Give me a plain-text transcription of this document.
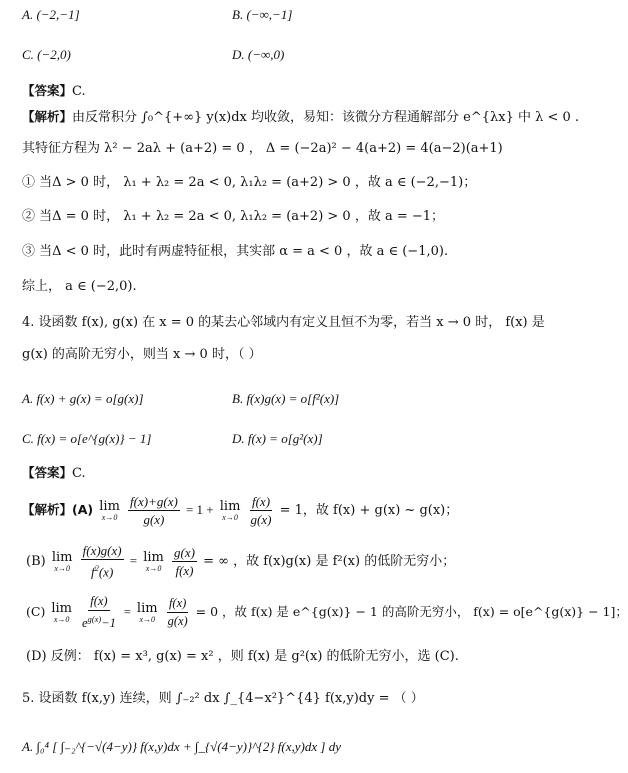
A. (−2,−1]	B. (−∞,−1]
C. (−2,0)	D. (−∞,0)
【答案】C.
【解析】由反常积分 ∫₀^{+∞} y(x)dx 均收敛，易知：该微分方程通解部分 e^{λx} 中 λ < 0 .
其特征方程为 λ² − 2aλ + (a+2) = 0 ， Δ = (−2a)² − 4(a+2) = 4(a−2)(a+1)
① 当Δ > 0 时， λ₁ + λ₂ = 2a < 0, λ₁λ₂ = (a+2) > 0 ，故 a ∈ (−2,−1)；
② 当Δ = 0 时， λ₁ + λ₂ = 2a < 0, λ₁λ₂ = (a+2) > 0 ，故 a = −1；
③ 当Δ < 0 时，此时有两虚特征根，其实部 α = a < 0 ，故 a ∈ (−1,0).
综上， a ∈ (−2,0).
4. 设函数 f(x), g(x) 在 x = 0 的某去心邻域内有定义且恒不为零，若当 x → 0 时， f(x) 是
g(x) 的高阶无穷小，则当 x → 0 时，（ ）
A. f(x) + g(x) = o[g(x)]	B. f(x)g(x) = o[f²(x)]
C. f(x) = o[e^{g(x)} − 1]	D. f(x) = o[g²(x)]
【答案】C.
【解析】(A) lim
x→0
$\frac{f(x)+g(x)}{g(x)} = 1 + \lim$
x→0
$\frac{f(x)}{g(x)} = 1$，故 f(x) + g(x) ~ g(x)；
(B) lim
x→0
$\frac{f(x)g(x)}{f^2(x)} = \lim$
x→0
$\frac{g(x)}{f(x)}$ = ∞ ，故 f(x)g(x) 是 f²(x) 的低阶无穷小；
(C) lim
x→0
$\frac{f(x)}{e^{g(x)}-1} = \lim$
x→0
$\frac{f(x)}{g(x)} = 0$ ，故 f(x) 是 e^{g(x)} − 1 的高阶无穷小， f(x) = o[e^{g(x)} − 1]；
(D) 反例： f(x) = x³, g(x) = x² ，则 f(x) 是 g²(x) 的低阶无穷小，选 (C).
5. 设函数 f(x,y) 连续，则 ∫₋₂² dx ∫_{4−x²}^{4} f(x,y)dy = （ ）
A. ∫₀⁴ [ ∫₋₂^{−√(4−y)} f(x,y)dx + ∫_{√(4−y)}^{2} f(x,y)dx ] dy
